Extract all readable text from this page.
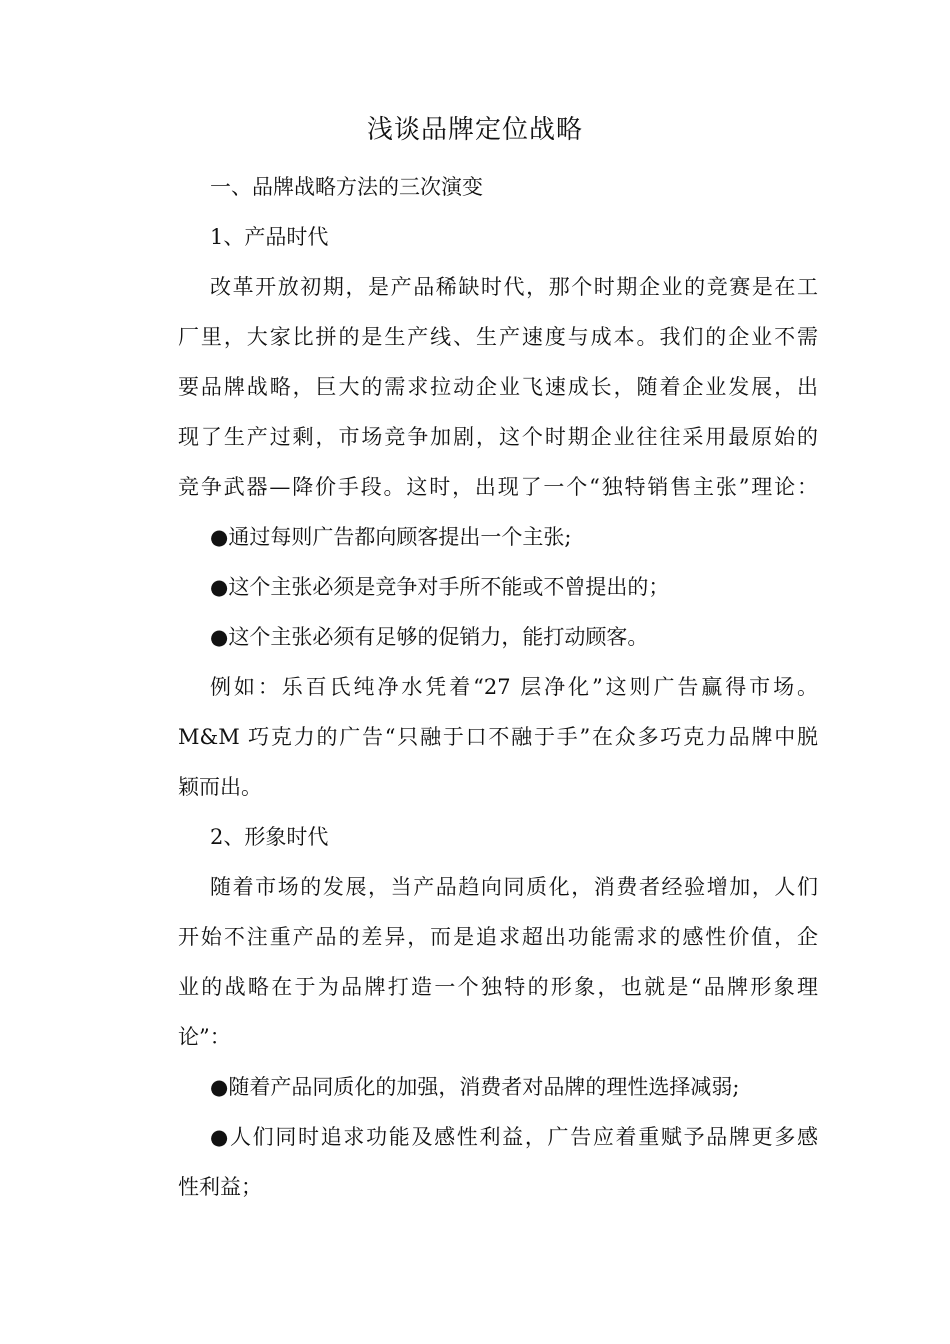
浅谈品牌定位战略
一、品牌战略方法的三次演变
1、产品时代
改革开放初期，是产品稀缺时代，那个时期企业的竞赛是在工
厂里，大家比拼的是生产线、生产速度与成本。我们的企业不需
要品牌战略，巨大的需求拉动企业飞速成长，随着企业发展，出
现了生产过剩，市场竞争加剧，这个时期企业往往采用最原始的
竞争武器—降价手段。这时，出现了一个“独特销售主张”理论：
●通过每则广告都向顾客提出一个主张;
●这个主张必须是竞争对手所不能或不曾提出的；
●这个主张必须有足够的促销力，能打动顾客。
例如：乐百氏纯净水凭着“27 层净化”这则广告赢得市场。
M&M 巧克力的广告“只融于口不融于手”在众多巧克力品牌中脱
颖而出。
2、形象时代
随着市场的发展，当产品趋向同质化，消费者经验增加，人们
开始不注重产品的差异，而是追求超出功能需求的感性价值，企
业的战略在于为品牌打造一个独特的形象，也就是“品牌形象理
论”：
●随着产品同质化的加强，消费者对品牌的理性选择减弱;
●人们同时追求功能及感性利益，广告应着重赋予品牌更多感
性利益；
